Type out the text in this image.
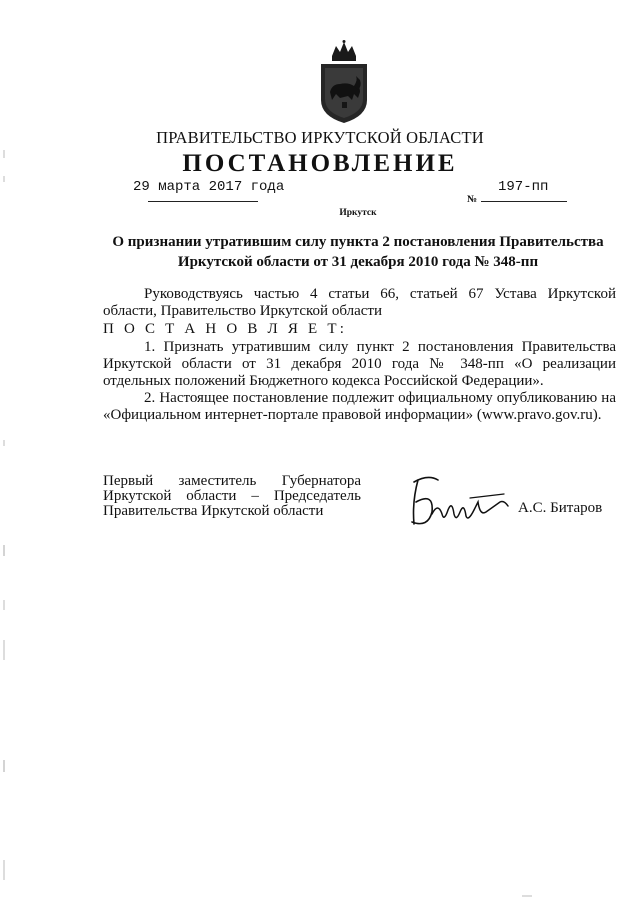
ПРАВИТЕЛЬСТВО ИРКУТСКОЙ ОБЛАСТИ
ПОСТАНОВЛЕНИЕ
29 марта 2017 года
№
197-пп
Иркутск
О признании утратившим силу пункта 2 постановления Правительства Иркутской области от 31 декабря 2010 года № 348-пп
Руководствуясь частью 4 статьи 66, статьей 67 Устава Иркутской области, Правительство Иркутской области
П О С Т А Н О В Л Я Е Т:
1. Признать утратившим силу пункт 2 постановления Правительства Иркутской области от 31 декабря 2010 года № 348-пп «О реализации отдельных положений Бюджетного кодекса Российской Федерации».
2. Настоящее постановление подлежит официальному опубликованию на «Официальном интернет-портале правовой информации» (www.pravo.gov.ru).
Первый заместитель Губернатора
Иркутской области – Председатель
Правительства Иркутской области	А.С. Битаров
